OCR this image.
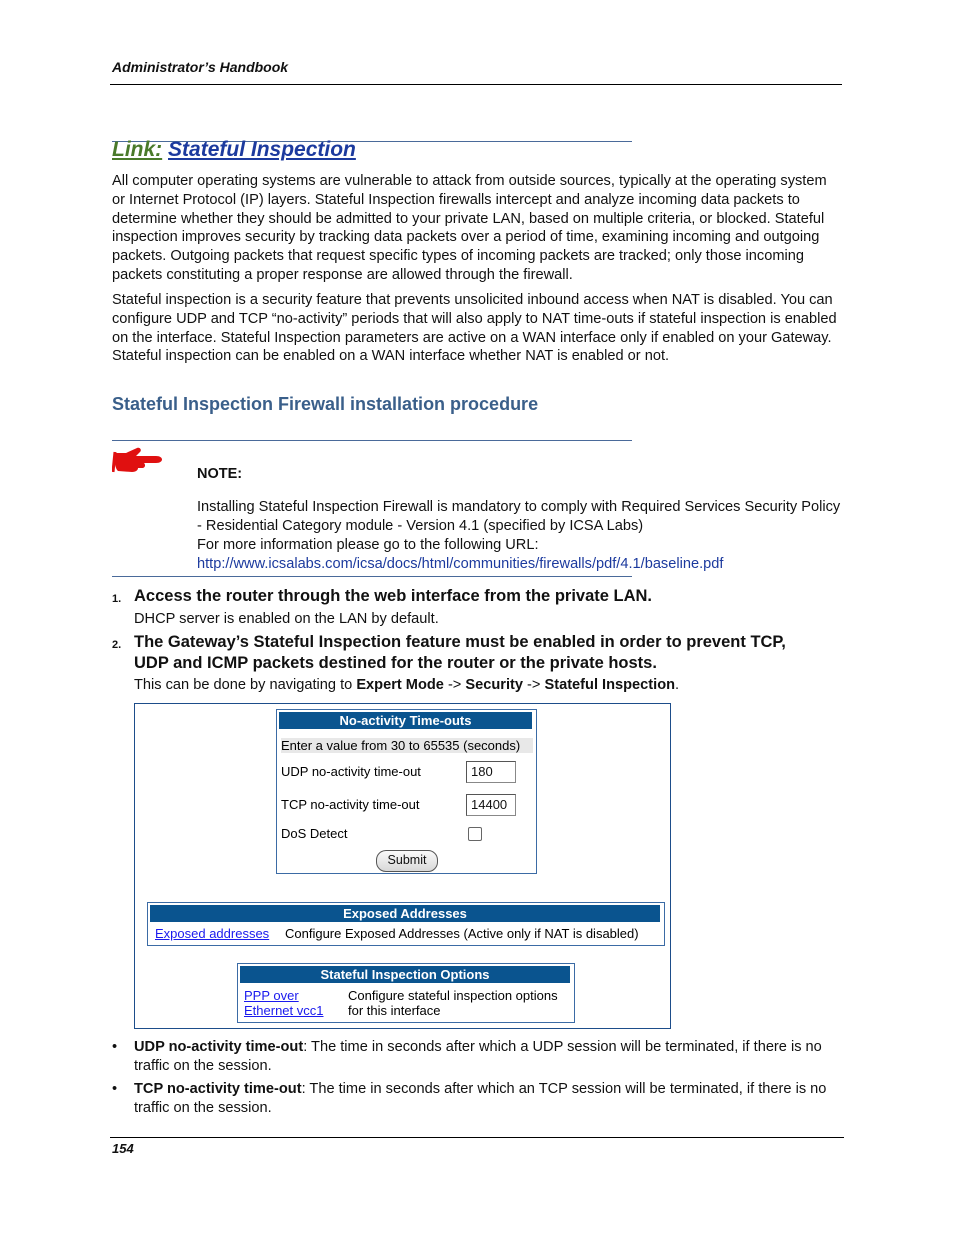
Administrator’s Handbook
Link: Stateful Inspection
All computer operating systems are vulnerable to attack from outside sources, typically at the operating system or Internet Protocol (IP) layers. Stateful Inspection firewalls intercept and analyze incoming data packets to determine whether they should be admitted to your private LAN, based on multiple criteria, or blocked. Stateful inspection improves security by tracking data packets over a period of time, examining incoming and outgoing packets. Outgoing packets that request specific types of incoming packets are tracked; only those incoming packets constituting a proper response are allowed through the firewall.
Stateful inspection is a security feature that prevents unsolicited inbound access when NAT is disabled. You can configure UDP and TCP “no-activity” periods that will also apply to NAT time-outs if stateful inspection is enabled on the interface. Stateful Inspection parameters are active on a WAN interface only if enabled on your Gateway. Stateful inspection can be enabled on a WAN interface whether NAT is enabled or not.
Stateful Inspection Firewall installation procedure
NOTE:
Installing Stateful Inspection Firewall is mandatory to comply with Required Services Security Policy - Residential Category module - Version 4.1 (specified by ICSA Labs)
For more information please go to the following URL:
http://www.icsalabs.com/icsa/docs/html/communities/firewalls/pdf/4.1/baseline.pdf
1. Access the router through the web interface from the private LAN.
DHCP server is enabled on the LAN by default.
2. The Gateway’s Stateful Inspection feature must be enabled in order to prevent TCP, UDP and ICMP packets destined for the router or the private hosts.
This can be done by navigating to Expert Mode -> Security -> Stateful Inspection.
No-activity Time-outs
Enter a value from 30 to 65535 (seconds)
UDP no-activity time-out	180
TCP no-activity time-out	14400
DoS Detect
Submit
Exposed Addresses
Exposed addresses Configure Exposed Addresses (Active only if NAT is disabled)
Stateful Inspection Options
PPP over
Ethernet vcc1
Configure stateful inspection options
for this interface
• UDP no-activity time-out: The time in seconds after which a UDP session will be terminated, if there is no traffic on the session.
• TCP no-activity time-out: The time in seconds after which an TCP session will be terminated, if there is no traffic on the session.
154
